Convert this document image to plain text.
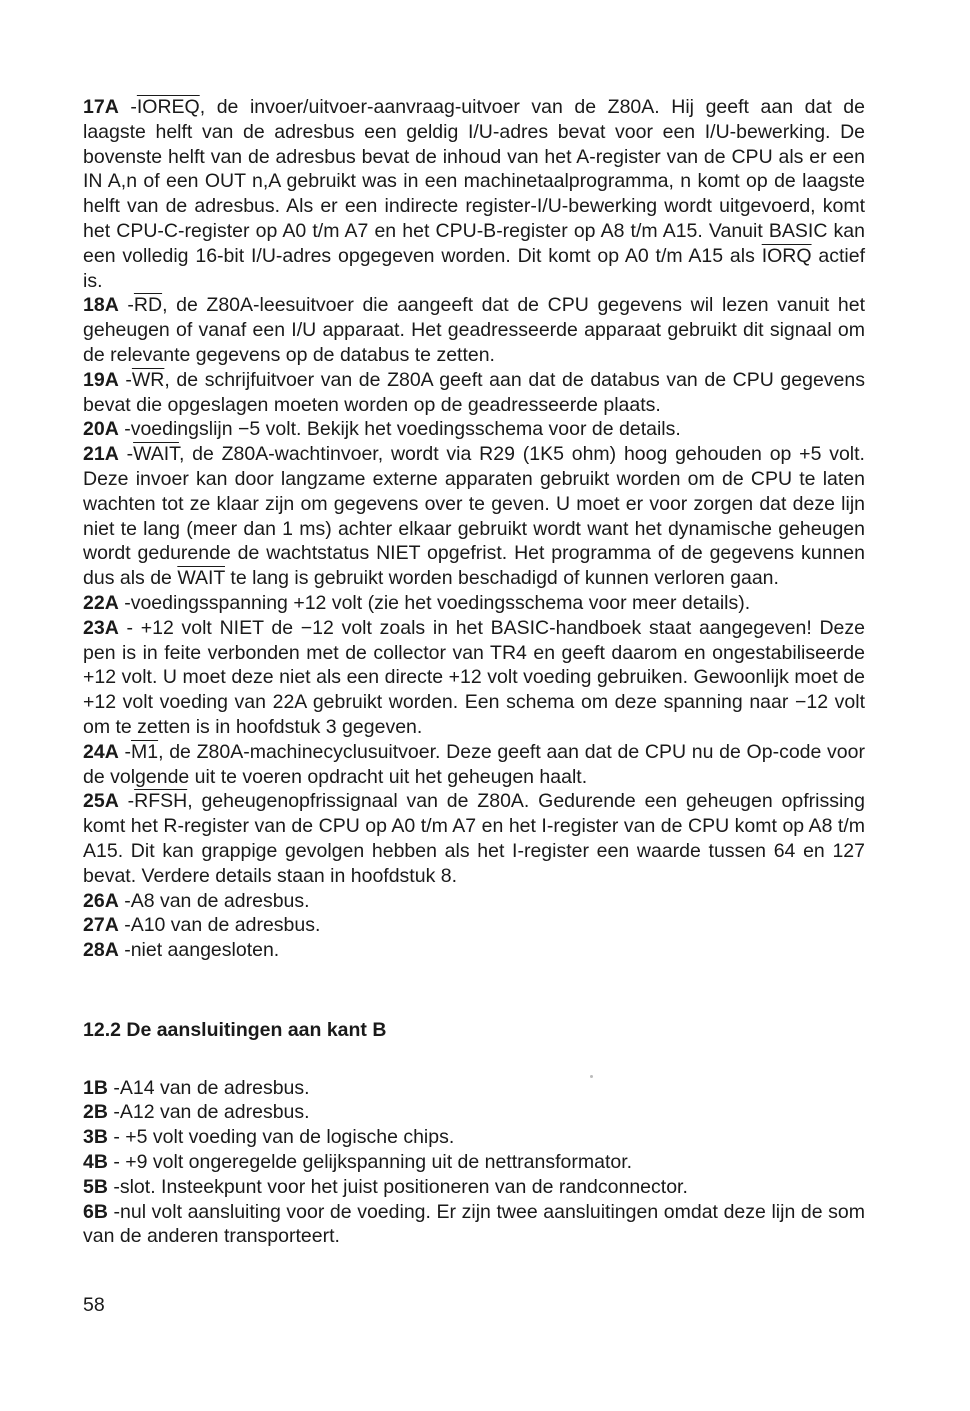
17A -IOREQ, de invoer/uitvoer-aanvraag-uitvoer van de Z80A. Hij geeft aan dat de laagste helft van de adresbus een geldig I/U-adres bevat voor een I/U-bewerking. De bovenste helft van de adresbus bevat de inhoud van het A-register van de CPU als er een IN A,n of een OUT n,A gebruikt was in een machinetaalprogramma, n komt op de laagste helft van de adresbus. Als er een indirecte register-I/U-bewerking wordt uitgevoerd, komt het CPU-C-register op A0 t/m A7 en het CPU-B-register op A8 t/m A15. Vanuit BASIC kan een volledig 16-bit I/U-adres opgegeven worden. Dit komt op A0 t/m A15 als IORQ actief is.

18A $-\overline{RD}$, de Z80A-leesuitvoer die aangeeft dat de CPU gegevens wil lezen vanuit het geheugen of vanaf een I/U apparaat. Het geadresseerde apparaat gebruikt dit signaal om de relevante gegevens op de databus te zetten.

19A $-\overline{WR}$, de schrijfuitvoer van de Z80A geeft aan dat de databus van de CPU gegevens bevat die opgeslagen moeten worden op de geadresseerde plaats.

20A -voedingslijn −5 volt. Bekijk het voedingsschema voor de details.

21A -WAIT, de Z80A-wachtinvoer, wordt via R29 (1K5 ohm) hoog gehouden op +5 volt. Deze invoer kan door langzame externe apparaten gebruikt worden om de CPU te laten wachten tot ze klaar zijn om gegevens over te geven. U moet er voor zorgen dat deze lijn niet te lang (meer dan 1 ms) achter elkaar gebruikt wordt want het dynamische geheugen wordt gedurende de wachtstatus NIET opgefrist. Het programma of de gegevens kunnen dus als de WAIT te lang is gebruikt worden beschadigd of kunnen verloren gaan.

22A -voedingsspanning +12 volt (zie het voedingsschema voor meer details).

23A - +12 volt NIET de −12 volt zoals in het BASIC-handboek staat aangegeven! Deze pen is in feite verbonden met de collector van TR4 en geeft daarom en ongestabiliseerde +12 volt. U moet deze niet als een directe +12 volt voeding gebruiken. Gewoonlijk moet de +12 volt voeding van 22A gebruikt worden. Een schema om deze spanning naar −12 volt om te zetten is in hoofdstuk 3 gegeven.

24A -M1, de Z80A-machinecyclusuitvoer. Deze geeft aan dat de CPU nu de Op-code voor de volgende uit te voeren opdracht uit het geheugen haalt.

25A -RFSH, geheugenopfrissignaal van de Z80A. Gedurende een geheugen opfrissing komt het R-register van de CPU op A0 t/m A7 en het I-register van de CPU komt op A8 t/m A15. Dit kan grappige gevolgen hebben als het I-register een waarde tussen 64 en 127 bevat. Verdere details staan in hoofdstuk 8.

26A -A8 van de adresbus.

27A -A10 van de adresbus.

28A -niet aangesloten.

12.2 De aansluitingen aan kant B

1B -A14 van de adresbus.

2B -A12 van de adresbus.

3B - +5 volt voeding van de logische chips.

4B - +9 volt ongeregelde gelijkspanning uit de nettransformator.

5B -slot. Insteekpunt voor het juist positioneren van de randconnector.

6B -nul volt aansluiting voor de voeding. Er zijn twee aansluitingen omdat deze lijn de som van de anderen transporteert.

58
